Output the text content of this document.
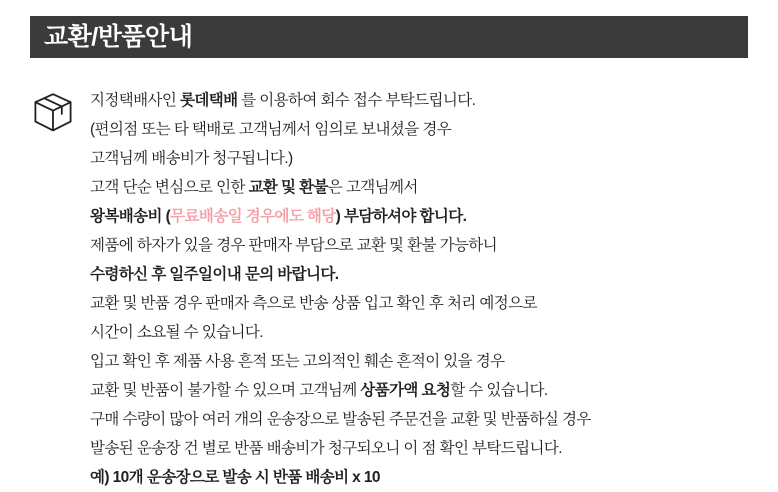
교환/반품안내
지정택배사인 롯데택배 를 이용하여 회수 접수 부탁드립니다.
(편의점 또는 타 택배로 고객님께서 임의로 보내셨을 경우
고객님께 배송비가 청구됩니다.)
고객 단순 변심으로 인한 교환 및 환불은 고객님께서
왕복배송비 (무료배송일 경우에도 해당) 부담하셔야 합니다.
제품에 하자가 있을 경우 판매자 부담으로 교환 및 환불 가능하니
수령하신 후 일주일이내 문의 바랍니다.
교환 및 반품 경우 판매자 측으로 반송 상품 입고 확인 후 처리 예정으로
시간이 소요될 수 있습니다.
입고 확인 후 제품 사용 흔적 또는 고의적인 훼손 흔적이 있을 경우
교환 및 반품이 불가할 수 있으며 고객님께 상품가액 요청할 수 있습니다.
구매 수량이 많아 여러 개의 운송장으로 발송된 주문건을 교환 및 반품하실 경우
발송된 운송장 건 별로 반품 배송비가 청구되오니 이 점 확인 부탁드립니다.
예) 10개 운송장으로 발송 시 반품 배송비 x 10
